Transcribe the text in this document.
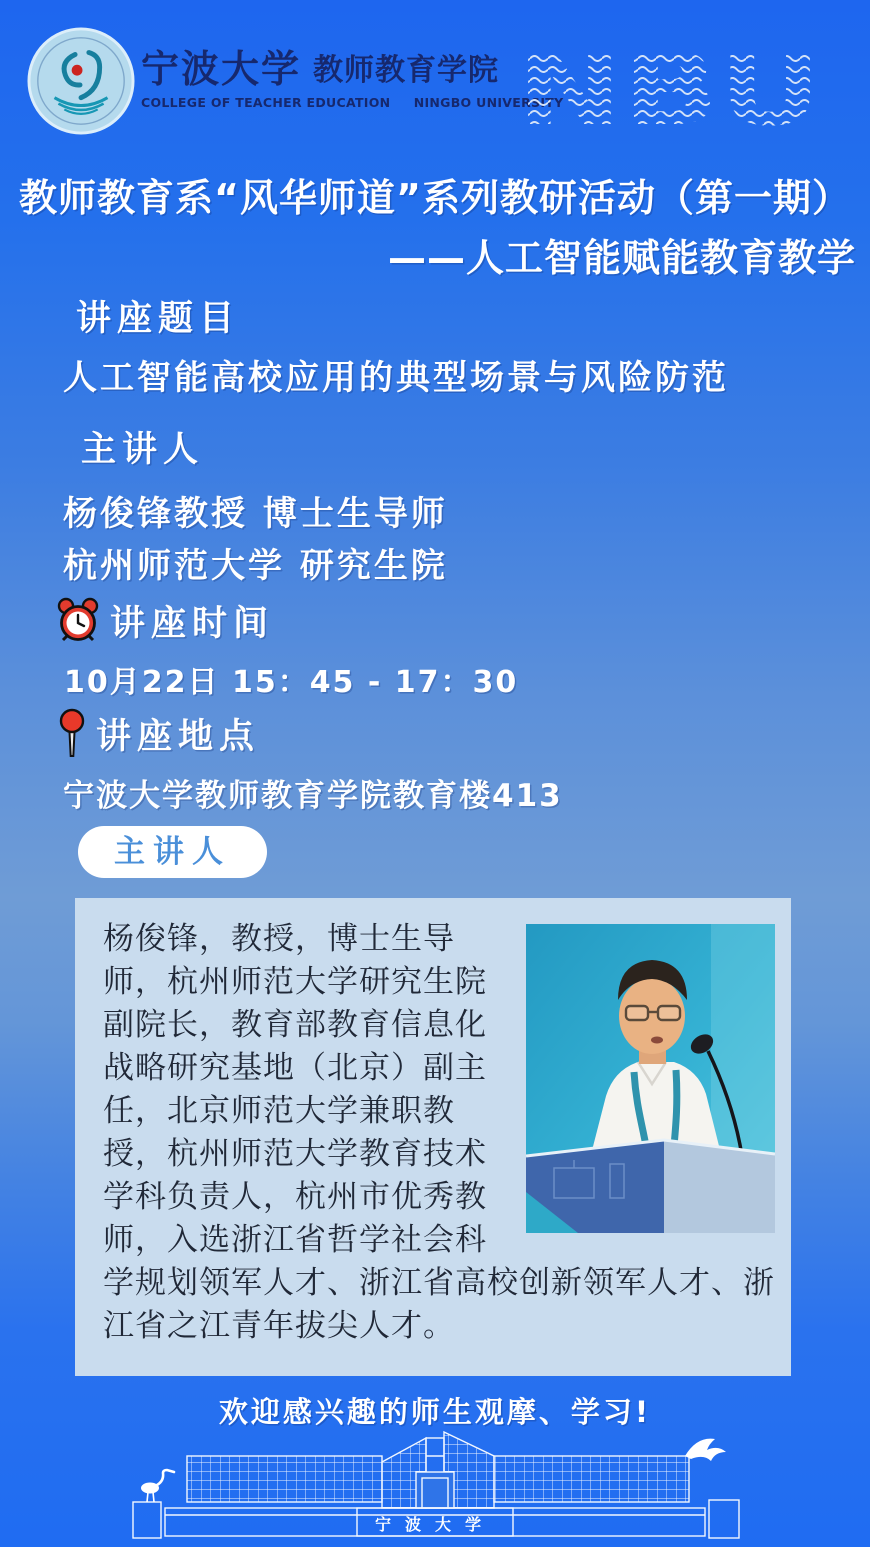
宁波大学 教师教育学院
COLLEGE OF TEACHER EDUCATION     NINGBO UNIVERSITY
NBU
教师教育系“风华师道”系列教研活动（第一期）
——人工智能赋能教育教学
讲座题目
人工智能高校应用的典型场景与风险防范
主讲人
杨俊锋教授 博士生导师
杭州师范大学 研究生院
讲座时间
10月22日 15：45 - 17：30
讲座地点
宁波大学教师教育学院教育楼413
主讲人
杨俊锋，教授，博士生导师，杭州师范大学研究生院副院长，教育部教育信息化战略研究基地（北京）副主任，北京师范大学兼职教授，杭州师范大学教育技术学科负责人，杭州市优秀教师，入选浙江省哲学社会科学规划领军人才、浙江省高校创新领军人才、浙江省之江青年拔尖人才。
欢迎感兴趣的师生观摩、学习!
宁波大学
